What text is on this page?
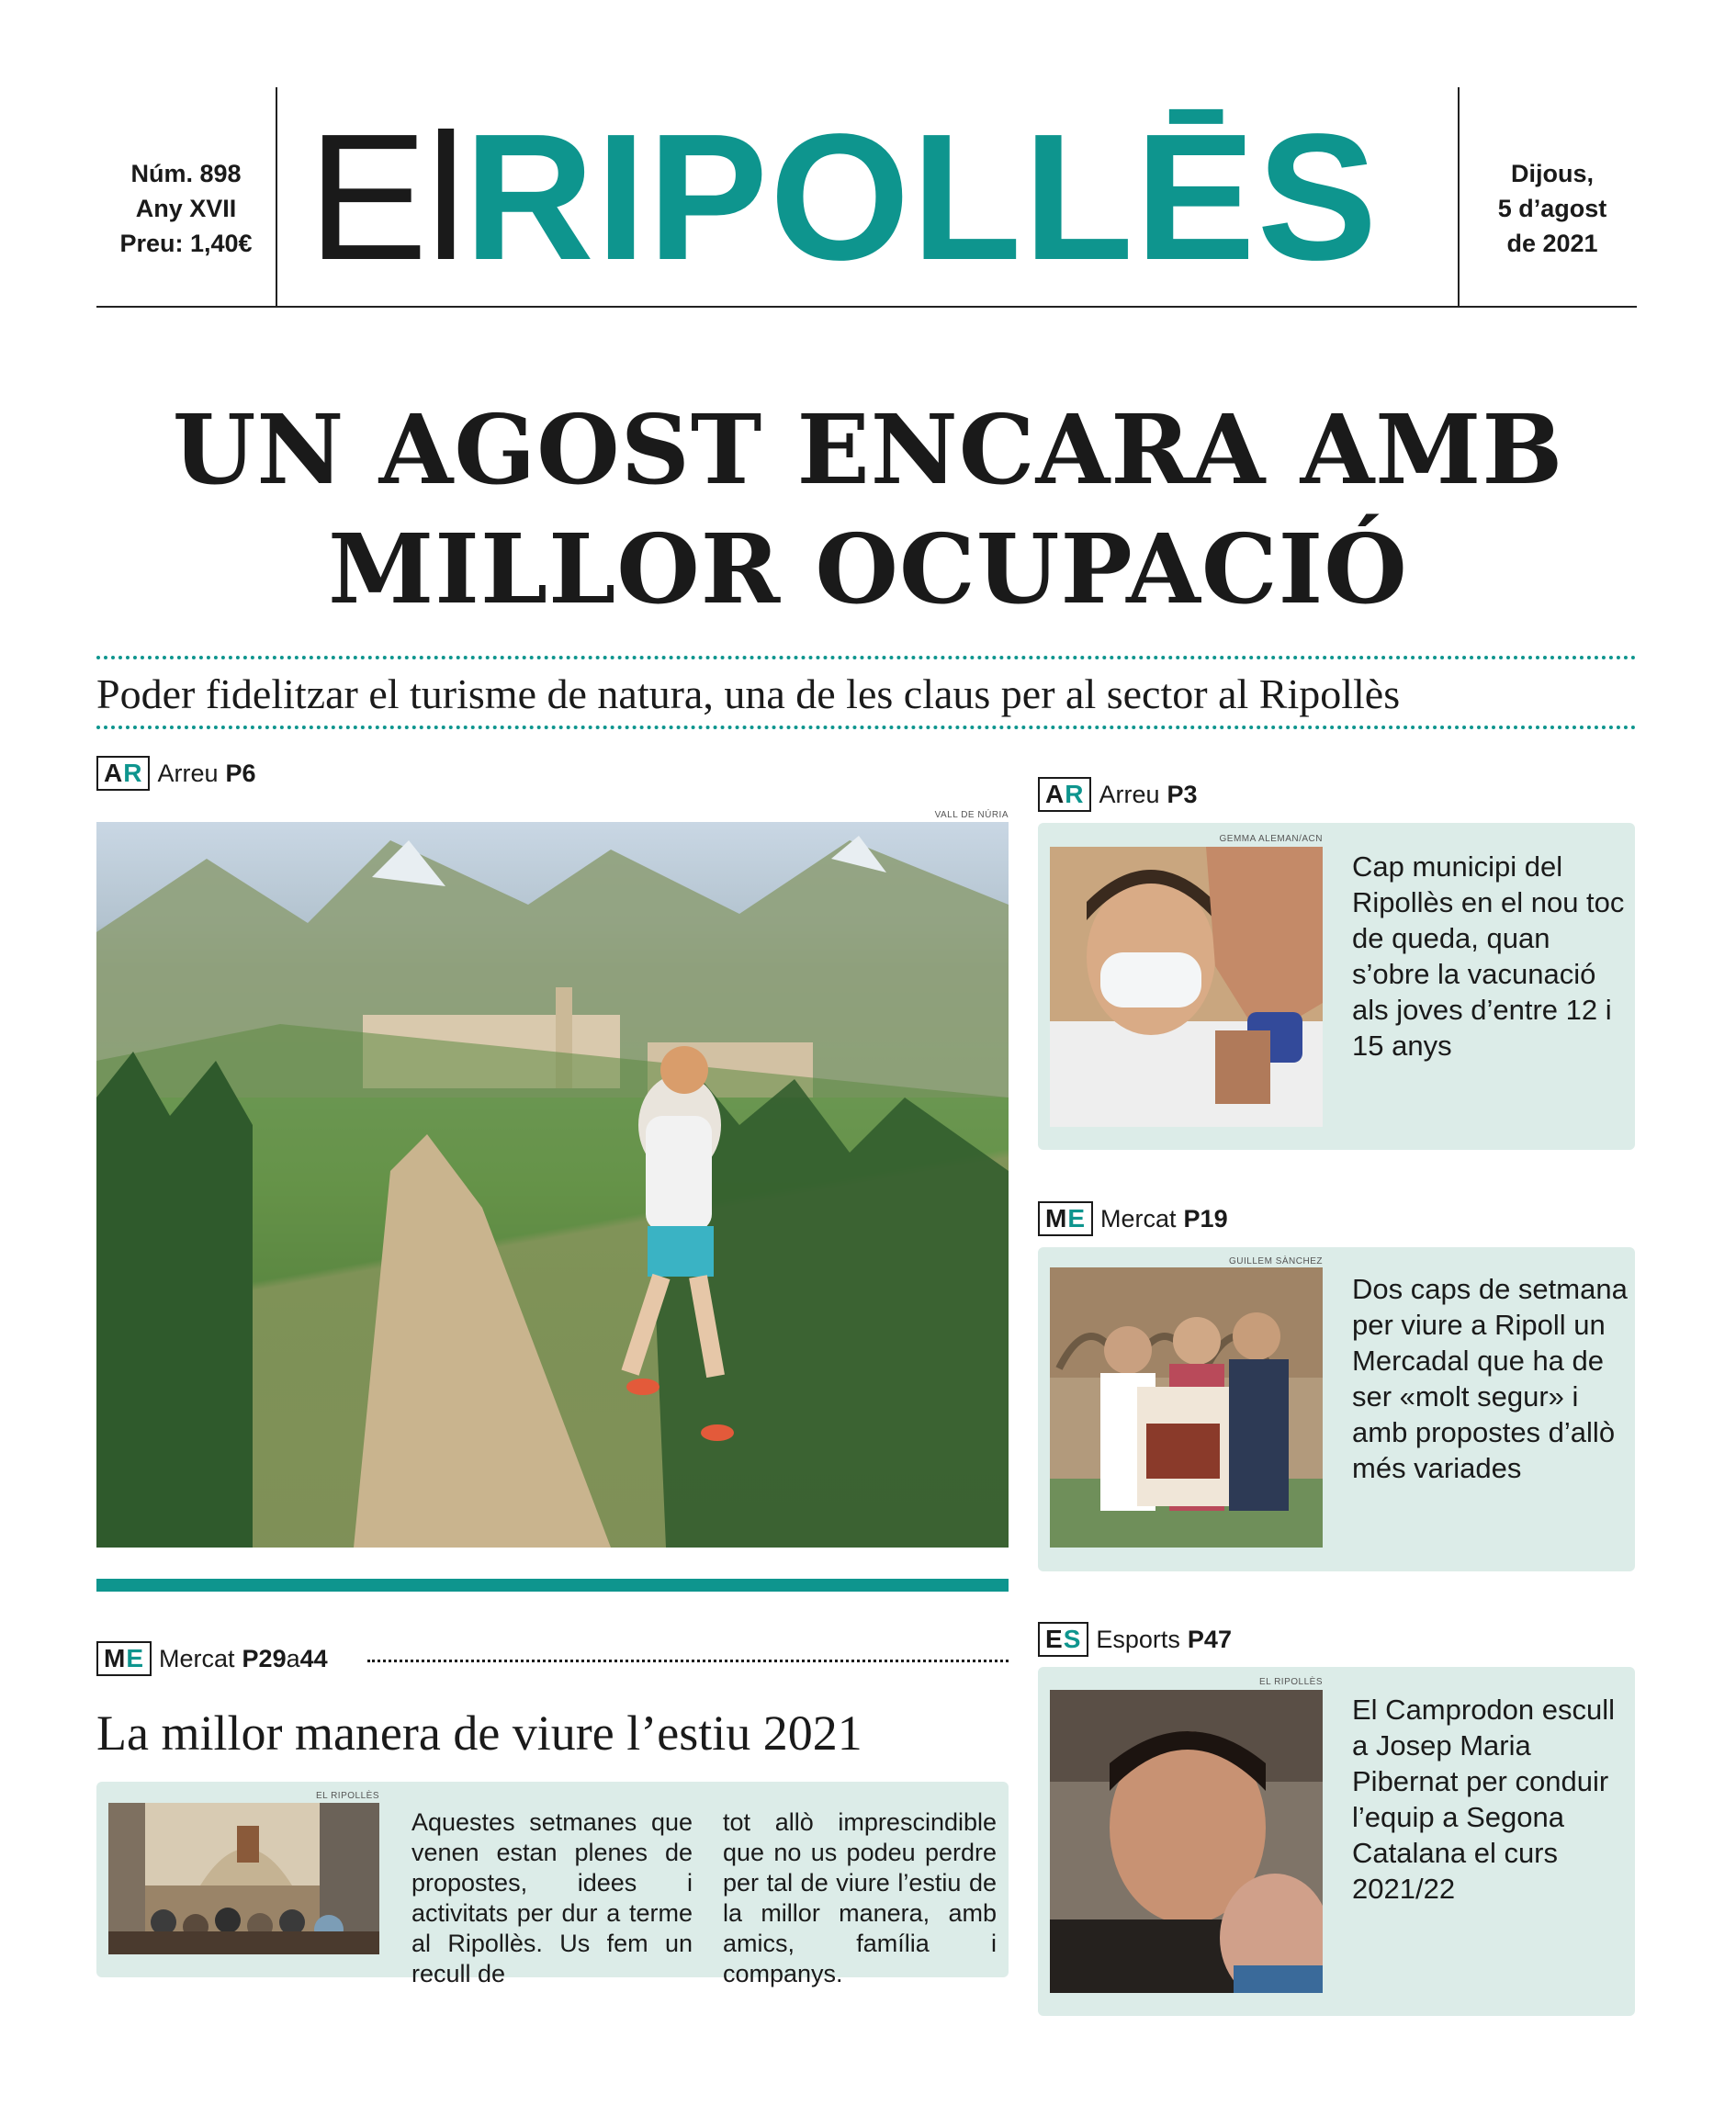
Núm. 898
Any XVII
Preu: 1,40€ ElRIPOLLĒS	Dijous,
5 d’agost
de 2021
UN AGOST ENCARA AMB
MILLOR OCUPACIÓ
Poder fidelitzar el turisme de natura, una de les claus per al sector al Ripollès
AR Arreu P6
VALL DE NÚRIA
ME Mercat P29a44
La millor manera de viure l’estiu 2021
EL RIPOLLÈS
Aquestes setmanes que venen estan plenes de propostes, idees i activitats per dur a terme al Ripollès. Us fem un recull de
tot allò imprescindible que no us podeu perdre per tal de viure l’estiu de la millor manera, amb amics, família i companys.
AR Arreu P3
GEMMA ALEMAN/ACN
Cap municipi del Ripollès en el nou toc de queda, quan s’obre la vacunació als joves d’entre 12 i 15 anys
ME Mercat P19
GUILLEM SÀNCHEZ
Dos caps de setmana per viure a Ripoll un Mercadal que ha de ser «molt segur» i amb propostes d’allò més variades
ES Esports P47
EL RIPOLLÈS
El Camprodon escull a Josep Maria Pibernat per conduir l’equip a Segona Catalana el curs 2021/22
